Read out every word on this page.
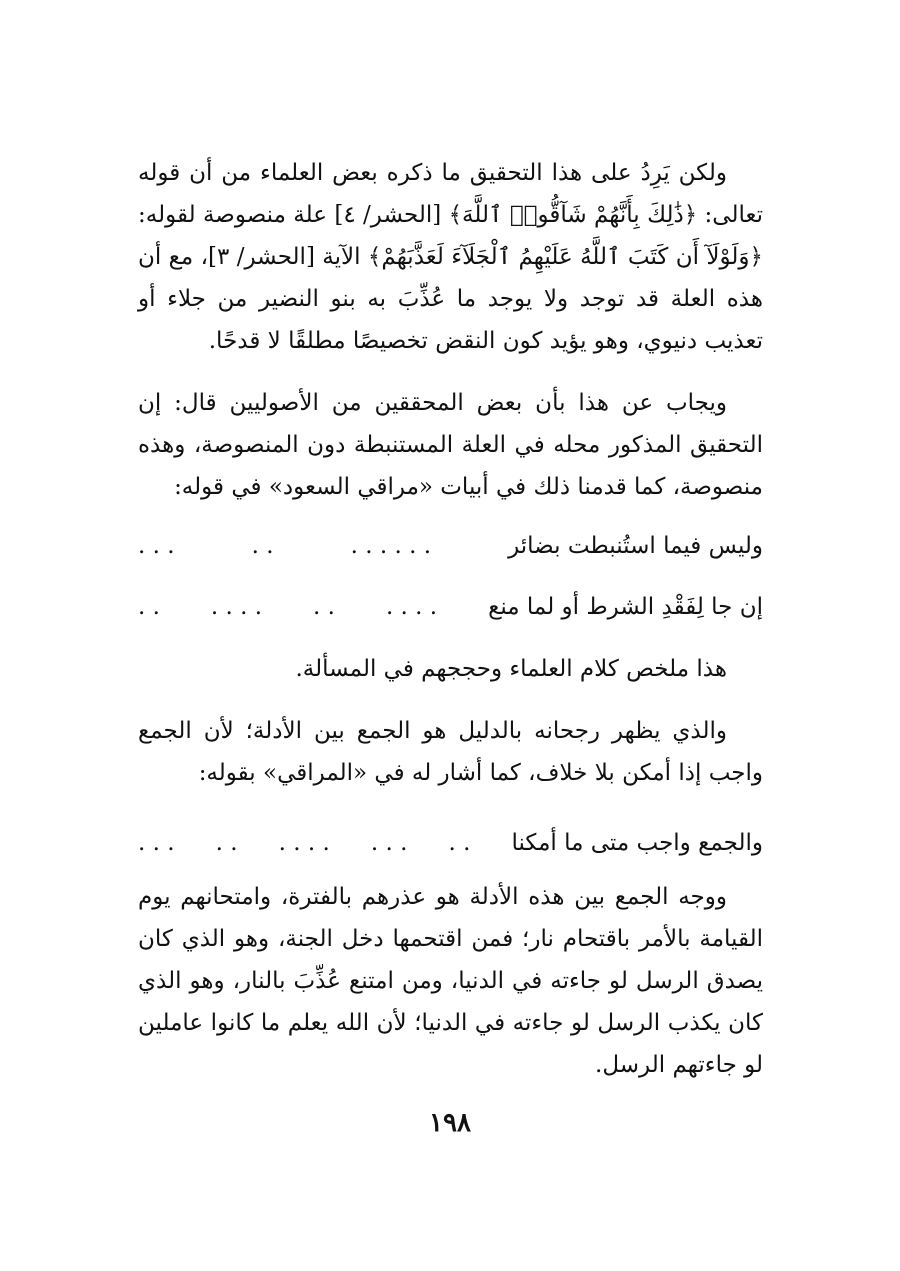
ولكن يَرِدُ على هذا التحقيق ما ذكره بعض العلماء من أن قوله تعالى: ﴿ذَٰلِكَ بِأَنَّهُمْ شَآقُّوا۟ ٱللَّهَ﴾ [الحشر/ ٤] علة منصوصة لقوله: ﴿وَلَوْلَآ أَن كَتَبَ ٱللَّهُ عَلَيْهِمُ ٱلْجَلَآءَ لَعَذَّبَهُمْ﴾ الآية [الحشر/ ٣]، مع أن هذه العلة قد توجد ولا يوجد ما عُذِّبَ به بنو النضير من جلاء أو تعذيب دنيوي، وهو يؤيد كون النقض تخصيصًا مطلقًا لا قدحًا.

ويجاب عن هذا بأن بعض المحققين من الأصوليين قال: إن التحقيق المذكور محله في العلة المستنبطة دون المنصوصة، وهذه منصوصة، كما قدمنا ذلك في أبيات «مراقي السعود» في قوله:

وليس فيما استُنبطت بضائر
. . . . . .
. .
. . .
إن جا لِفَقْدِ الشرط أو لما منع
. . . .
. .
. . . .
. .

هذا ملخص كلام العلماء وحججهم في المسألة.

والذي يظهر رجحانه بالدليل هو الجمع بين الأدلة؛ لأن الجمع واجب إذا أمكن بلا خلاف، كما أشار له في «المراقي» بقوله:

والجمع واجب متى ما أمكنا
. .
. . .
. . . .
. .
. . .

ووجه الجمع بين هذه الأدلة هو عذرهم بالفترة، وامتحانهم يوم القيامة بالأمر باقتحام نار؛ فمن اقتحمها دخل الجنة، وهو الذي كان يصدق الرسل لو جاءته في الدنيا، ومن امتنع عُذِّبَ بالنار، وهو الذي كان يكذب الرسل لو جاءته في الدنيا؛ لأن الله يعلم ما كانوا عاملين لو جاءتهم الرسل.

١٩٨
